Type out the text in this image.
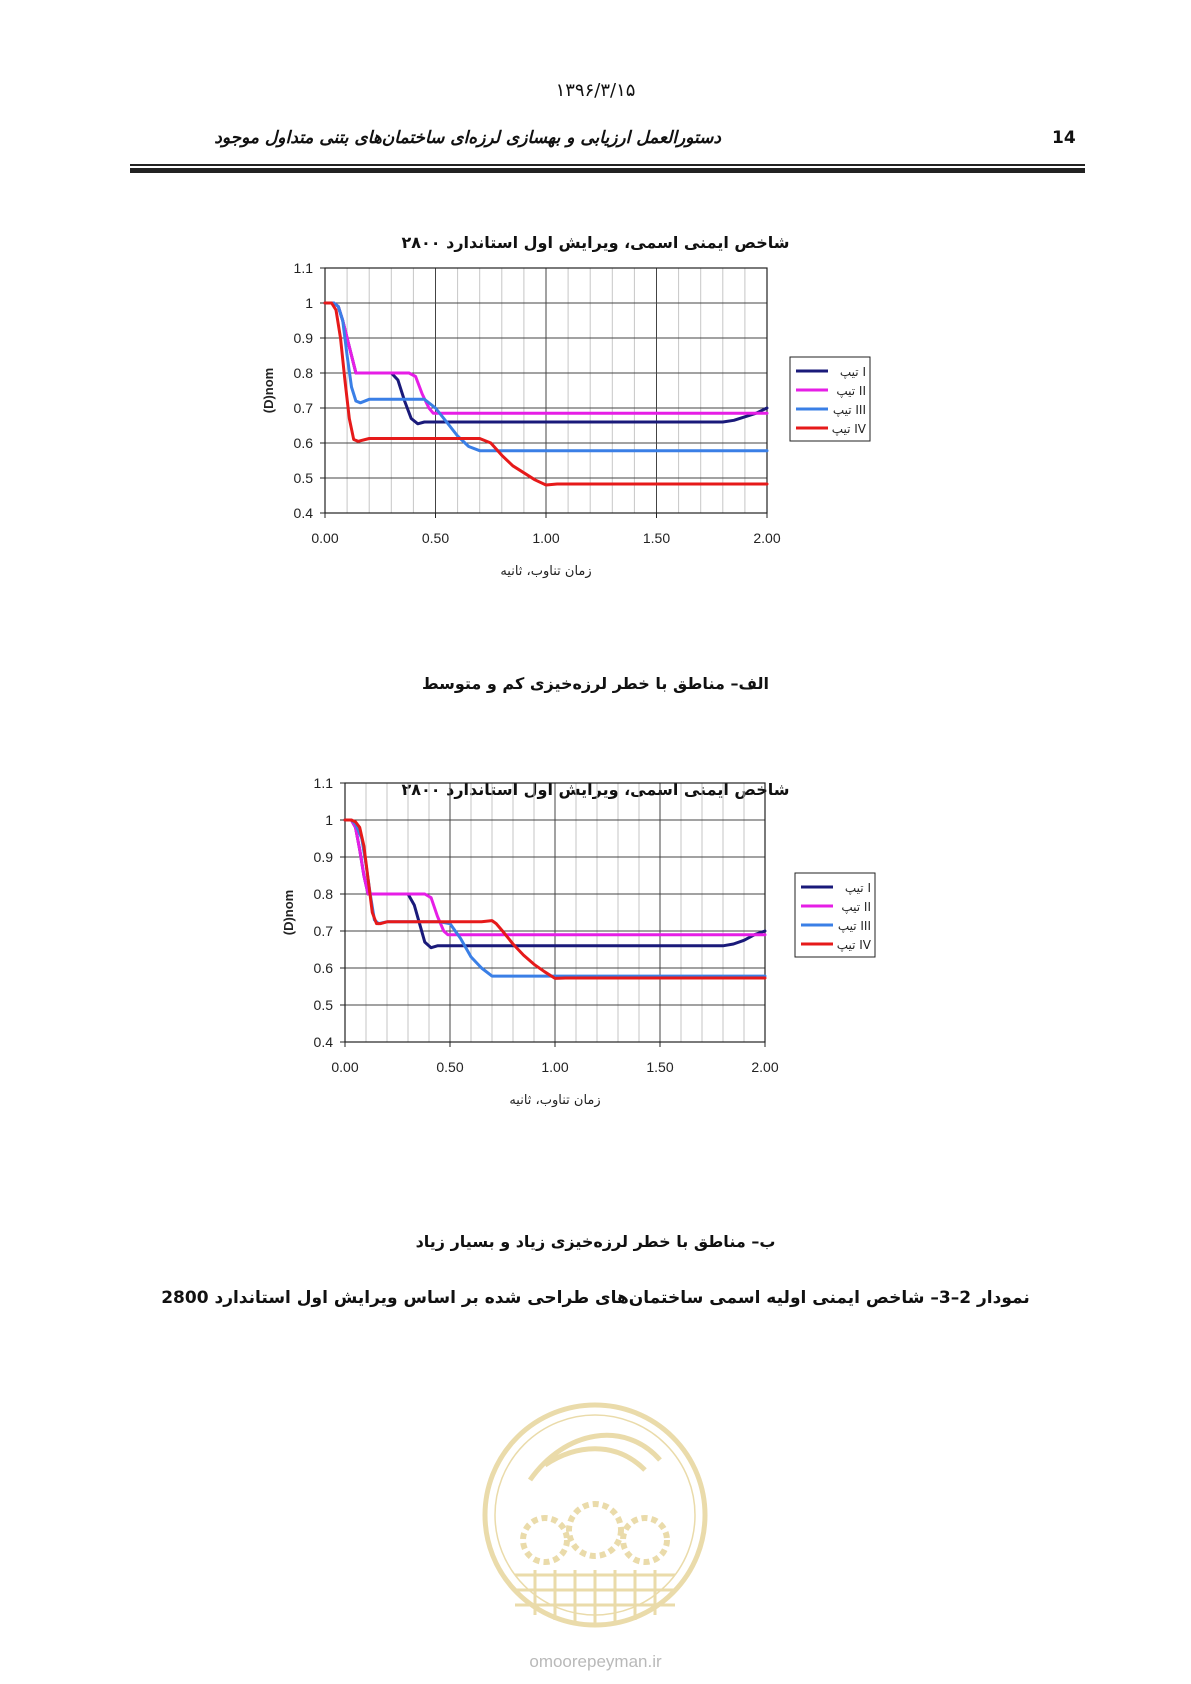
۱۳۹۶/۳/۱۵
14
دستورالعمل ارزیابی و بهسازی لرزه‌ای ساختمان‌های بتنی متداول موجود
شاخص ایمنی اسمی، ویرایش اول استاندارد ۲۸۰۰
0.4
0.5
0.6
0.7
0.8
0.9
1
1.1
0.00	0.50	1.00	1.50	2.00
زمان تناوب، ثانیه
(D)nom	تیپ I
تیپ II
تیپ III
تیپ IV
الف– مناطق با خطر لرزه‌خیزی کم و متوسط
شاخص ایمنی اسمی، ویرایش اول استاندارد ۲۸۰۰
0.4
0.5
0.6
0.7
0.8
0.9
1
1.1
0.00	0.50	1.00	1.50	2.00
زمان تناوب، ثانیه
(D)nom
تیپ I
تیپ II
تیپ III
تیپ IV
ب– مناطق با خطر لرزه‌خیزی زیاد و بسیار زیاد
نمودار 2–3– شاخص ایمنی اولیه اسمی ساختمان‌های طراحی شده بر اساس ویرایش اول استاندارد 2800
omoorepeyman.ir
